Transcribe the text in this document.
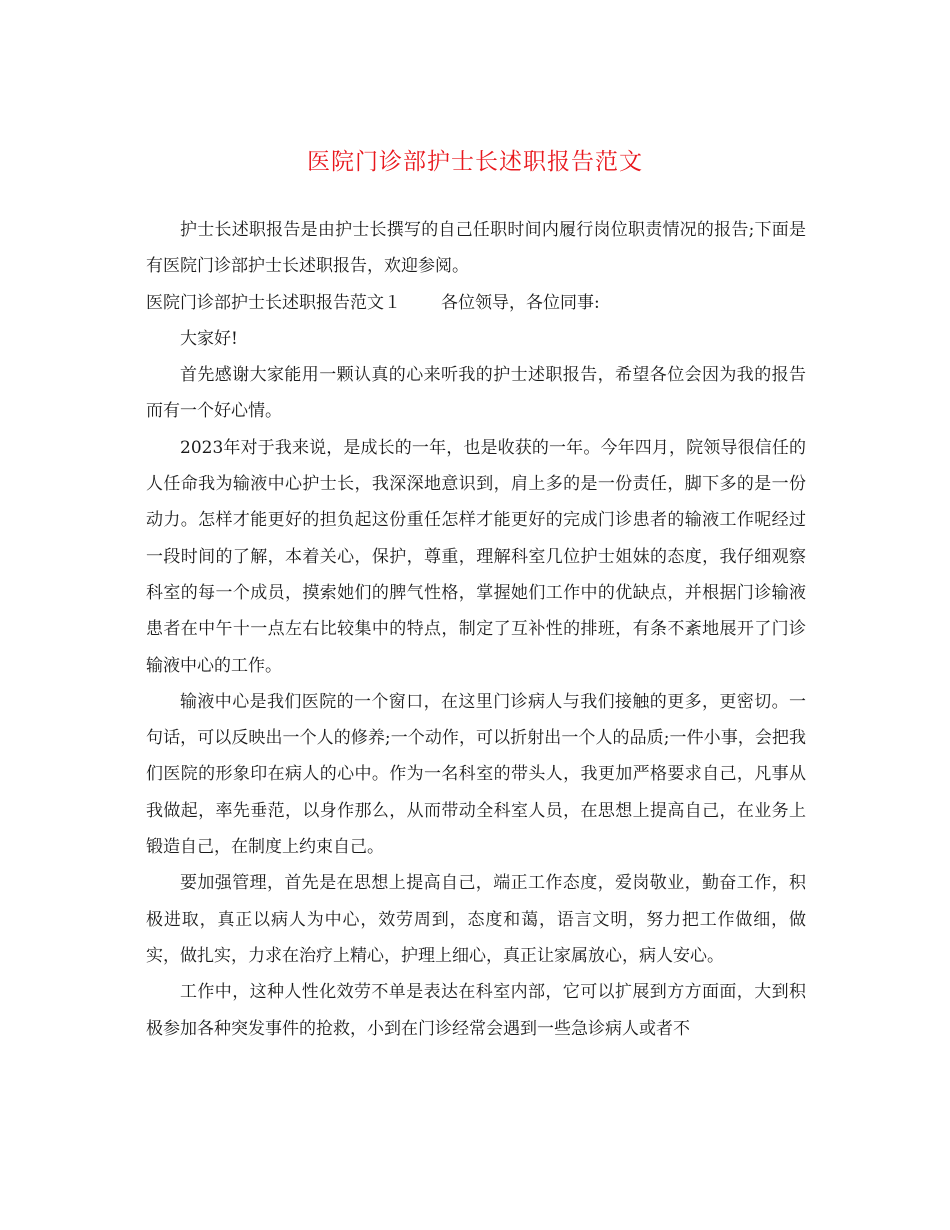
医院门诊部护士长述职报告范文

护士长述职报告是由护士长撰写的自己任职时间内履行岗位职责情况的报告;下面是有医院门诊部护士长述职报告，欢迎参阅。

医院门诊部护士长述职报告范文１ 各位领导，各位同事:

大家好!

首先感谢大家能用一颗认真的心来听我的护士述职报告，希望各位会因为我的报告而有一个好心情。

2023年对于我来说，是成长的一年，也是收获的一年。今年四月，院领导很信任的人任命我为输液中心护士长，我深深地意识到，肩上多的是一份责任，脚下多的是一份动力。怎样才能更好的担负起这份重任怎样才能更好的完成门诊患者的输液工作呢经过一段时间的了解，本着关心，保护，尊重，理解科室几位护士姐妹的态度，我仔细观察科室的每一个成员，摸索她们的脾气性格，掌握她们工作中的优缺点，并根据门诊输液患者在中午十一点左右比较集中的特点，制定了互补性的排班，有条不紊地展开了门诊输液中心的工作。

输液中心是我们医院的一个窗口，在这里门诊病人与我们接触的更多，更密切。一句话，可以反映出一个人的修养;一个动作，可以折射出一个人的品质;一件小事，会把我们医院的形象印在病人的心中。作为一名科室的带头人，我更加严格要求自己，凡事从我做起，率先垂范，以身作那么，从而带动全科室人员，在思想上提高自己，在业务上锻造自己，在制度上约束自己。

要加强管理，首先是在思想上提高自己，端正工作态度，爱岗敬业，勤奋工作，积极进取，真正以病人为中心，效劳周到，态度和蔼，语言文明，努力把工作做细，做实，做扎实，力求在治疗上精心，护理上细心，真正让家属放心，病人安心。

工作中，这种人性化效劳不单是表达在科室内部，它可以扩展到方方面面，大到积极参加各种突发事件的抢救，小到在门诊经常会遇到一些急诊病人或者不
